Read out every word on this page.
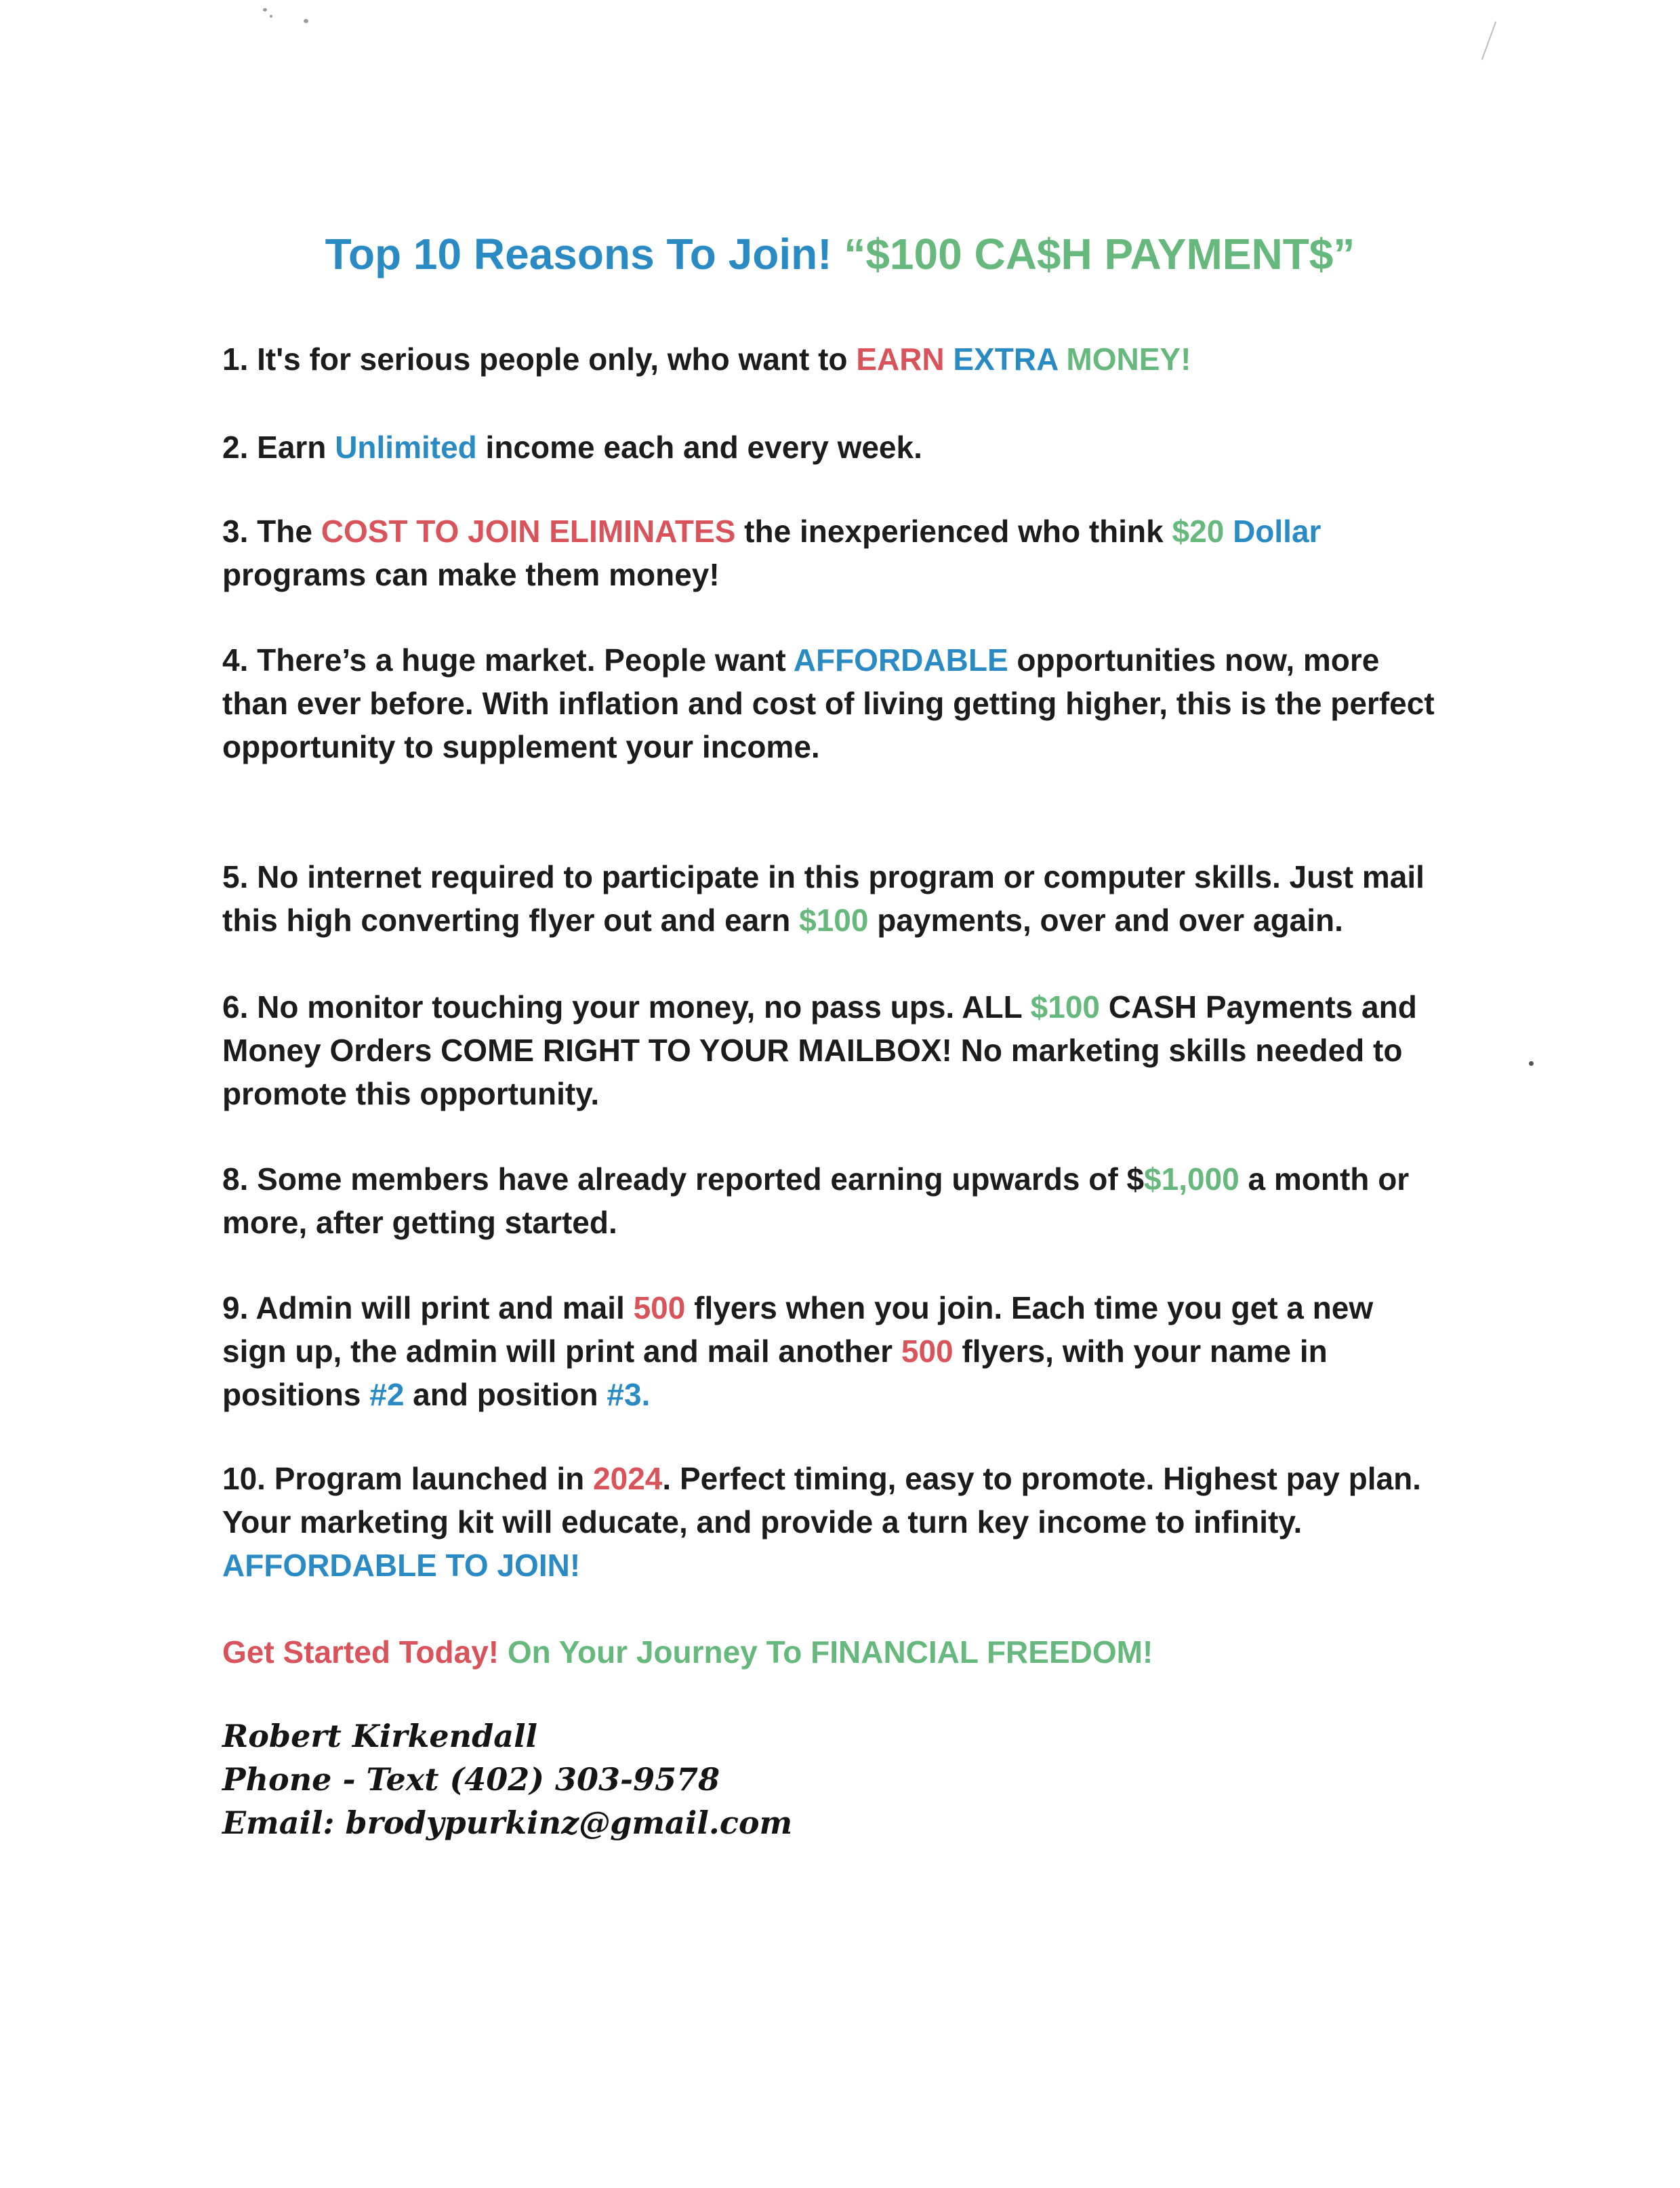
Top 10 Reasons To Join! “$100 CA$H PAYMENT$”
1. It's for serious people only, who want to EARN EXTRA MONEY!
2. Earn Unlimited income each and every week.
3. The COST TO JOIN ELIMINATES the inexperienced who think $20 Dollar
programs can make them money!
4. There’s a huge market. People want AFFORDABLE opportunities now, more
than ever before. With inflation and cost of living getting higher, this is the perfect
opportunity to supplement your income.
5. No internet required to participate in this program or computer skills. Just mail
this high converting flyer out and earn $100 payments, over and over again.
6. No monitor touching your money, no pass ups. ALL $100 CASH Payments and
Money Orders COME RIGHT TO YOUR MAILBOX! No marketing skills needed to
promote this opportunity.
8. Some members have already reported earning upwards of $$1,000 a month or
more, after getting started.
9. Admin will print and mail 500 flyers when you join. Each time you get a new
sign up, the admin will print and mail another 500 flyers, with your name in
positions #2 and position #3.
10. Program launched in 2024. Perfect timing, easy to promote. Highest pay plan.
Your marketing kit will educate, and provide a turn key income to infinity.
AFFORDABLE TO JOIN!
Get Started Today! On Your Journey To FINANCIAL FREEDOM!
Robert Kirkendall
Phone - Text (402) 303-9578
Email: brodypurkinz@gmail.com
